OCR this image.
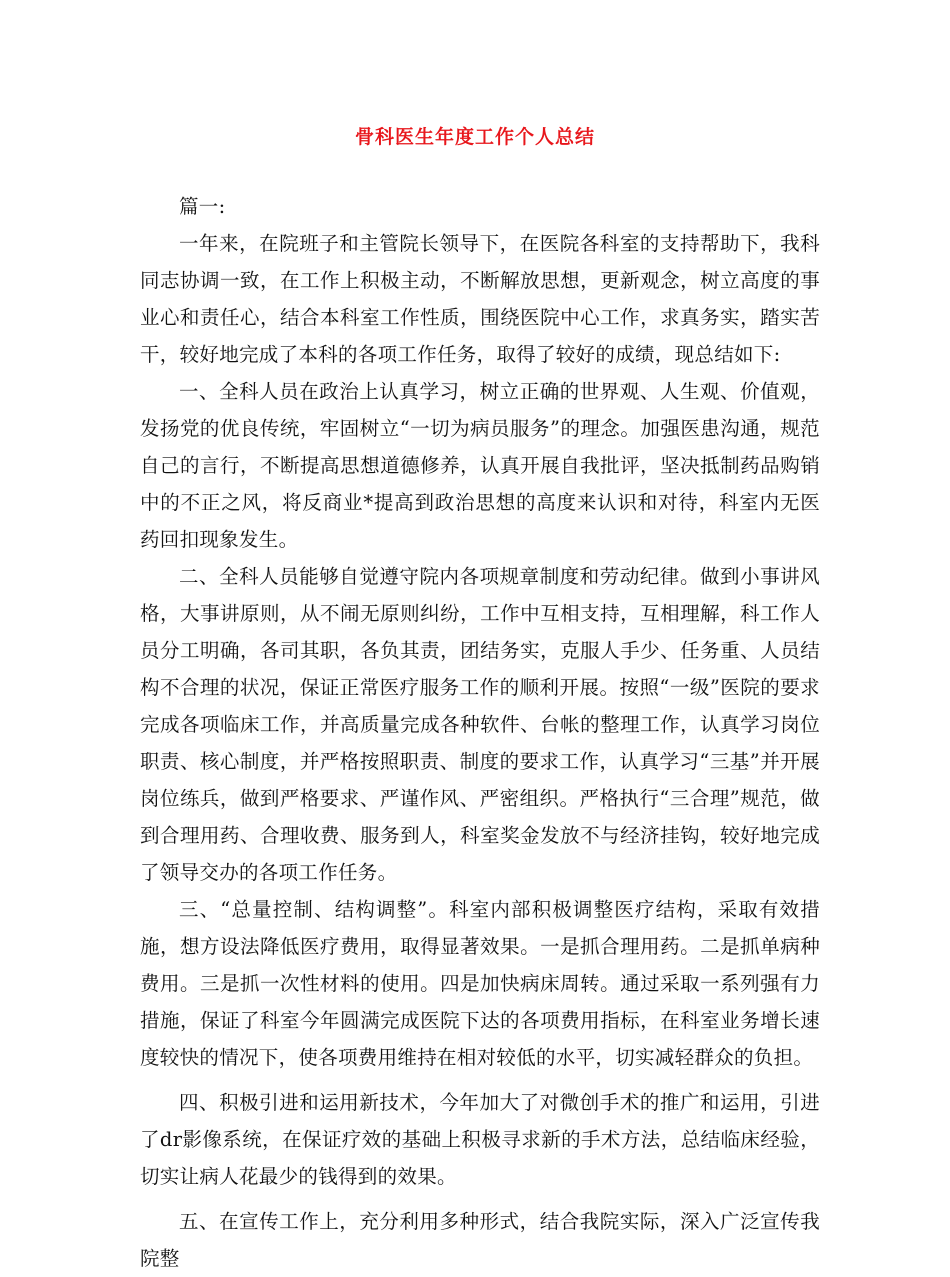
骨科医生年度工作个人总结

篇一:

一年来，在院班子和主管院长领导下，在医院各科室的支持帮助下，我科同志协调一致，在工作上积极主动，不断解放思想，更新观念，树立高度的事业心和责任心，结合本科室工作性质，围绕医院中心工作，求真务实，踏实苦干，较好地完成了本科的各项工作任务，取得了较好的成绩，现总结如下:

一、全科人员在政治上认真学习，树立正确的世界观、人生观、价值观，发扬党的优良传统，牢固树立“一切为病员服务”的理念。加强医患沟通，规范自己的言行，不断提高思想道德修养，认真开展自我批评，坚决抵制药品购销中的不正之风，将反商业*提高到政治思想的高度来认识和对待，科室内无医药回扣现象发生。

二、全科人员能够自觉遵守院内各项规章制度和劳动纪律。做到小事讲风格，大事讲原则，从不闹无原则纠纷，工作中互相支持，互相理解，科工作人员分工明确，各司其职，各负其责，团结务实，克服人手少、任务重、人员结构不合理的状况，保证正常医疗服务工作的顺利开展。按照“一级”医院的要求完成各项临床工作，并高质量完成各种软件、台帐的整理工作，认真学习岗位职责、核心制度，并严格按照职责、制度的要求工作，认真学习“三基”并开展岗位练兵，做到严格要求、严谨作风、严密组织。严格执行“三合理”规范，做到合理用药、合理收费、服务到人，科室奖金发放不与经济挂钩，较好地完成了领导交办的各项工作任务。

三、“总量控制、结构调整”。科室内部积极调整医疗结构，采取有效措施，想方设法降低医疗费用，取得显著效果。一是抓合理用药。二是抓单病种费用。三是抓一次性材料的使用。四是加快病床周转。通过采取一系列强有力措施，保证了科室今年圆满完成医院下达的各项费用指标，在科室业务增长速度较快的情况下，使各项费用维持在相对较低的水平，切实减轻群众的负担。

四、积极引进和运用新技术，今年加大了对微创手术的推广和运用，引进了dr影像系统，在保证疗效的基础上积极寻求新的手术方法，总结临床经验，切实让病人花最少的钱得到的效果。

五、在宣传工作上，充分利用多种形式，结合我院实际，深入广泛宣传我院整
